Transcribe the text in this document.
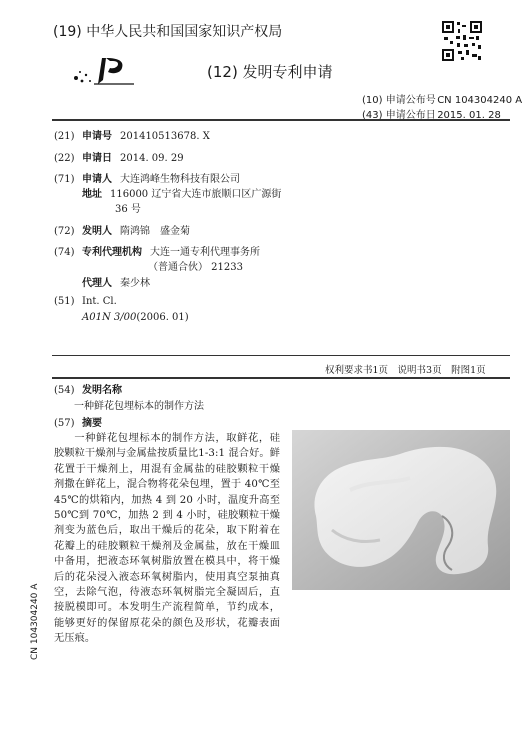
(19) 中华人民共和国国家知识产权局
(12) 发明专利申请
(10) 申请公布号 CN 104304240 A
(43) 申请公布日 2015. 01. 28
(21) 申请号 201410513678. X
(22) 申请日 2014. 09. 29
(71) 申请人 大连鸿峰生物科技有限公司
地址 116000 辽宁省大连市旅顺口区广源街
36 号
(72) 发明人 隋鸿锦　盛金菊
(74) 专利代理机构 大连一通专利代理事务所
（普通合伙） 21233
代理人 秦少林
(51) Int. Cl.
A01N 3/00(2006. 01)
权利要求书1页　说明书3页　附图1页
(54) 发明名称
一种鲜花包埋标本的制作方法
(57) 摘要
一种鲜花包埋标本的制作方法，取鲜花，硅胶颗粒干燥剂与金属盐按质量比1-3:1 混合好。鲜花置于干燥剂上，用混有金属盐的硅胶颗粒干燥剂撒在鲜花上，混合物将花朵包埋，置于 40℃至 45℃的烘箱内，加热 4 到 20 小时，温度升高至50℃到 70℃，加热 2 到 4 小时，硅胶颗粒干燥剂变为蓝色后，取出干燥后的花朵，取下附着在花瓣上的硅胶颗粒干燥剂及金属盐，放在干燥皿中备用，把液态环氧树脂放置在模具中，将干燥后的花朵浸入液态环氧树脂内，使用真空泵抽真空，去除气泡，待液态环氧树脂完全凝固后，直接脱模即可。本发明生产流程简单，节约成本，能够更好的保留原花朵的颜色及形状，花瓣表面无压痕。
CN 104304240 A
